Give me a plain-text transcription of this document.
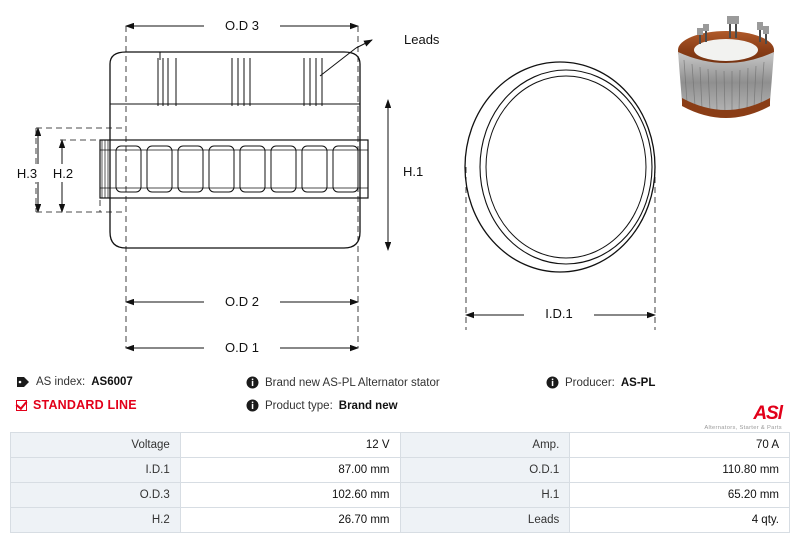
O.D 3
O.D 2
O.D 1
H.1
H.2
H.3
I.D.1
Leads
AS index: AS6007
STANDARD LINE
Brand new AS-PL Alternator stator
Product type: Brand new
Producer: AS-PL
ASl
Alternators, Starter & Parts
Voltage	12 V	Amp.	70 A
I.D.1	87.00 mm	O.D.1	110.80 mm
O.D.3	102.60 mm	H.1	65.20 mm
H.2	26.70 mm	Leads	4 qty.
